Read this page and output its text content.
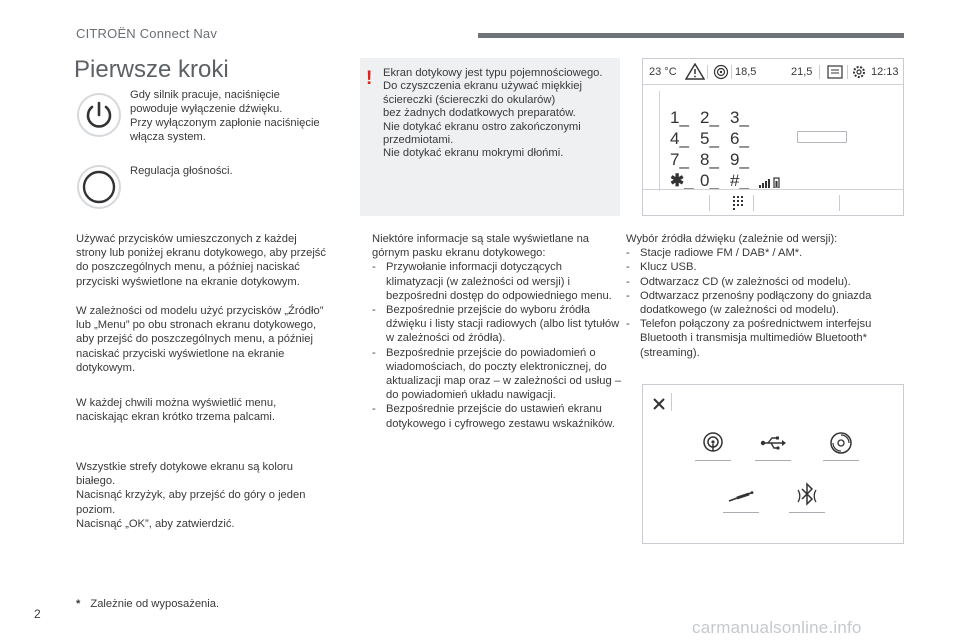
CITROËN Connect Nav
Pierwsze kroki
Gdy silnik pracuje, naciśnięcie
powoduje wyłączenie dźwięku.
Przy wyłączonym zapłonie naciśnięcie
włącza system.
Regulacja głośności.
Używać przycisków umieszczonych z każdej
strony lub poniżej ekranu dotykowego, aby przejść
do poszczególnych menu, a później naciskać
przyciski wyświetlone na ekranie dotykowym.
W zależności od modelu użyć przycisków „Źródło”
lub „Menu” po obu stronach ekranu dotykowego,
aby przejść do poszczególnych menu, a później
naciskać przyciski wyświetlone na ekranie
dotykowym.
W każdej chwili można wyświetlić menu,
naciskając ekran krótko trzema palcami.
Wszystkie strefy dotykowe ekranu są koloru
białego.
Nacisnąć krzyżyk, aby przejść do góry o jeden
poziom.
Nacisnąć „OK”, aby zatwierdzić.
! Ekran dotykowy jest typu pojemnościowego.
Do czyszczenia ekranu używać miękkiej
ściereczki (ściereczki do okularów)
bez żadnych dodatkowych preparatów.
Nie dotykać ekranu ostro zakończonymi
przedmiotami.
Nie dotykać ekranu mokrymi dłońmi.
Niektóre informacje są stale wyświetlane na
górnym pasku ekranu dotykowego:
- Przywołanie informacji dotyczących klimatyzacji (w zależności od wersji) i bezpośredni dostęp do odpowiedniego menu.
- Bezpośrednie przejście do wyboru źródła dźwięku i listy stacji radiowych (albo list tytułów w zależności od źródła).
- Bezpośrednie przejście do powiadomień o wiadomościach, do poczty elektronicznej, do aktualizacji map oraz – w zależności od usług – do powiadomień układu nawigacji.
- Bezpośrednie przejście do ustawień ekranu dotykowego i cyfrowego zestawu wskaźników.
Wybór źródła dźwięku (zależnie od wersji):
- Stacje radiowe FM / DAB* / AM*.
- Klucz USB.
- Odtwarzacz CD (w zależności od modelu).
- Odtwarzacz przenośny podłączony do gniazda dodatkowego (w zależności od modelu).
- Telefon połączony za pośrednictwem interfejsu Bluetooth i transmisja multimediów Bluetooth* (streaming).
23 °C	18,5	21,5	12:13
1_ 2_ 3_
4_ 5_ 6_
7_ 8_ 9_
✱_ 0_ #_
* Zależnie od wyposażenia.
2
carmanualsonline.info
